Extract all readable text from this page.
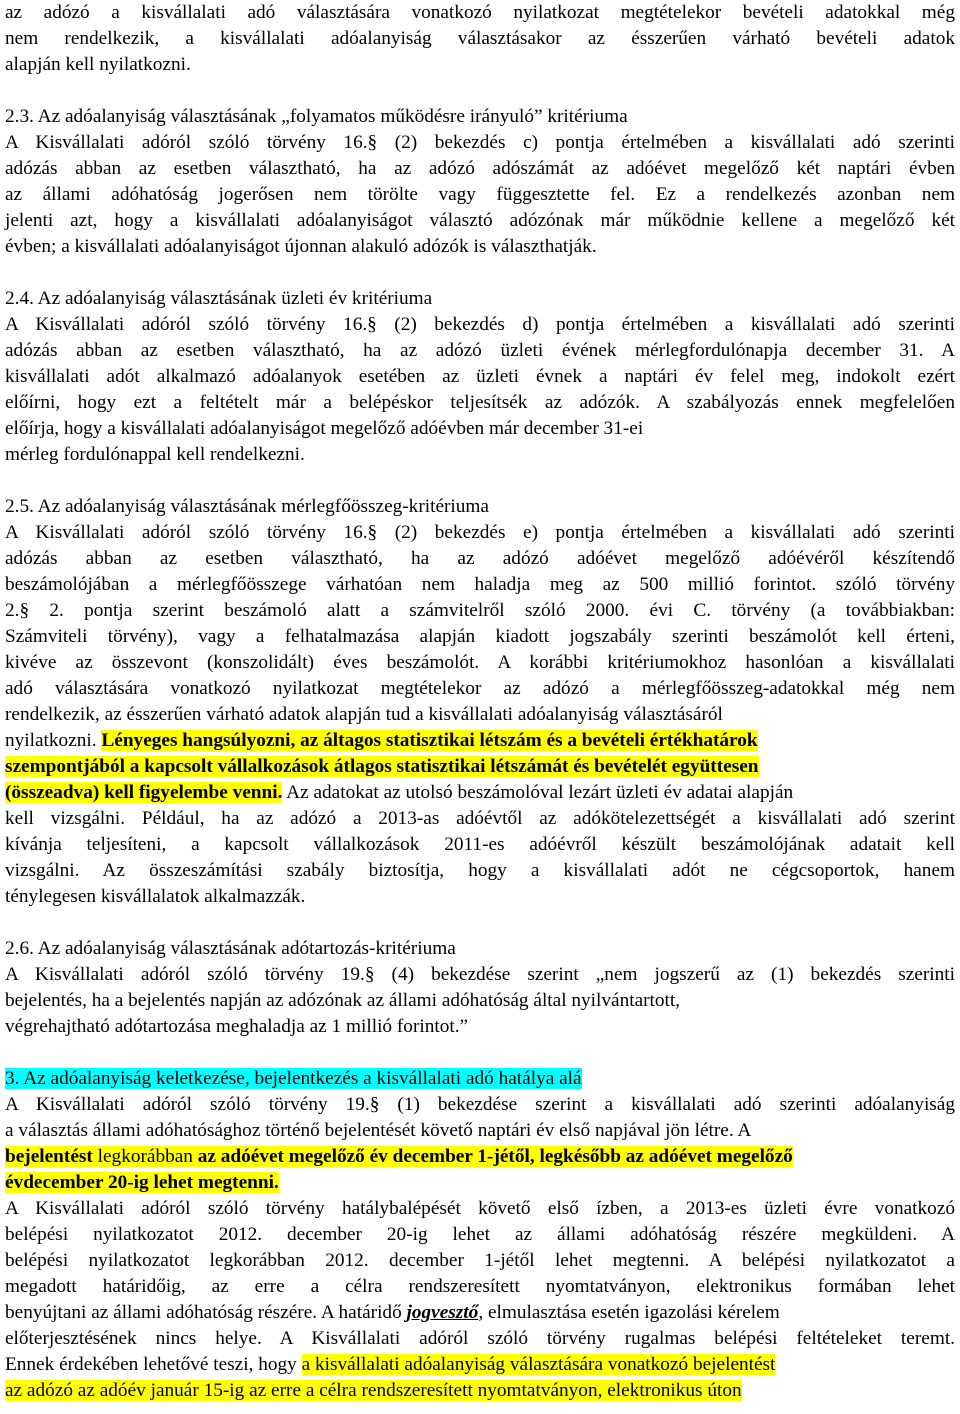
az adózó a kisvállalati adó választására vonatkozó nyilatkozat megtételekor bevételi adatokkal még

nem rendelkezik, a kisvállalati adóalanyiság választásakor az ésszerűen várható bevételi adatok

alapján kell nyilatkozni.

2.3. Az adóalanyiság választásának „folyamatos működésre irányuló” kritériuma

A Kisvállalati adóról szóló törvény 16.§ (2) bekezdés c) pontja értelmében a kisvállalati adó szerinti

adózás abban az esetben választható, ha az adózó adószámát az adóévet megelőző két naptári évben

az állami adóhatóság jogerősen nem törölte vagy függesztette fel. Ez a rendelkezés azonban nem

jelenti azt, hogy a kisvállalati adóalanyiságot választó adózónak már működnie kellene a megelőző két

évben; a kisvállalati adóalanyiságot újonnan alakuló adózók is választhatják.

2.4. Az adóalanyiság választásának üzleti év kritériuma

A Kisvállalati adóról szóló törvény 16.§ (2) bekezdés d) pontja értelmében a kisvállalati adó szerinti

adózás abban az esetben választható, ha az adózó üzleti évének mérlegfordulónapja december 31. A

kisvállalati adót alkalmazó adóalanyok esetében az üzleti évnek a naptári év felel meg, indokolt ezért

előírni, hogy ezt a feltételt már a belépéskor teljesítsék az adózók. A szabályozás ennek megfelelően

előírja, hogy a kisvállalati adóalanyiságot megelőző adóévben már december 31-ei

mérleg fordulónappal kell rendelkezni.

2.5. Az adóalanyiság választásának mérlegfőösszeg-kritériuma

A Kisvállalati adóról szóló törvény 16.§ (2) bekezdés e) pontja értelmében a kisvállalati adó szerinti

adózás abban az esetben választható, ha az adózó adóévet megelőző adóévéről készítendő

beszámolójában a mérlegfőösszege várhatóan nem haladja meg az 500 millió forintot. szóló törvény

2.§ 2. pontja szerint beszámoló alatt a számvitelről szóló 2000. évi C. törvény (a továbbiakban:

Számviteli törvény), vagy a felhatalmazása alapján kiadott jogszabály szerinti beszámolót kell érteni,

kivéve az összevont (konszolidált) éves beszámolót. A korábbi kritériumokhoz hasonlóan a kisvállalati

adó választására vonatkozó nyilatkozat megtételekor az adózó a mérlegfőösszeg-adatokkal még nem

rendelkezik, az ésszerűen várható adatok alapján tud a kisvállalati adóalanyiság választásáról

nyilatkozni. Lényeges hangsúlyozni, az áltagos statisztikai létszám és a bevételi értékhatárok

szempontjából a kapcsolt vállalkozások átlagos statisztikai létszámát és bevételét együttesen

(összeadva) kell figyelembe venni. Az adatokat az utolsó beszámolóval lezárt üzleti év adatai alapján

kell vizsgálni. Például, ha az adózó a 2013-as adóévtől az adókötelezettségét a kisvállalati adó szerint

kívánja teljesíteni, a kapcsolt vállalkozások 2011-es adóévről készült beszámolójának adatait kell

vizsgálni. Az összeszámítási szabály biztosítja, hogy a kisvállalati adót ne cégcsoportok, hanem

ténylegesen kisvállalatok alkalmazzák.

2.6. Az adóalanyiság választásának adótartozás-kritériuma

A Kisvállalati adóról szóló törvény 19.§ (4) bekezdése szerint „nem jogszerű az (1) bekezdés szerinti

bejelentés, ha a bejelentés napján az adózónak az állami adóhatóság által nyilvántartott,

végrehajtható adótartozása meghaladja az 1 millió forintot.”

3. Az adóalanyiság keletkezése, bejelentkezés a kisvállalati adó hatálya alá

A Kisvállalati adóról szóló törvény 19.§ (1) bekezdése szerint a kisvállalati adó szerinti adóalanyiság

a választás állami adóhatósághoz történő bejelentését követő naptári év első napjával jön létre. A

bejelentést legkorábban az adóévet megelőző év december 1-jétől, legkésőbb az adóévet megelőző

évdecember 20-ig lehet megtenni.

A Kisvállalati adóról szóló törvény hatálybalépését követő első ízben, a 2013-es üzleti évre vonatkozó

belépési nyilatkozatot 2012. december 20-ig lehet az állami adóhatóság részére megküldeni. A

belépési nyilatkozatot legkorábban 2012. december 1-jétől lehet megtenni. A belépési nyilatkozatot a

megadott határidőig, az erre a célra rendszeresített nyomtatványon, elektronikus formában lehet

benyújtani az állami adóhatóság részére. A határidő jogvesztő, elmulasztása esetén igazolási kérelem

előterjesztésének nincs helye. A Kisvállalati adóról szóló törvény rugalmas belépési feltételeket teremt.

Ennek érdekében lehetővé teszi, hogy a kisvállalati adóalanyiság választására vonatkozó bejelentést

az adózó az adóév január 15-ig az erre a célra rendszeresített nyomtatványon, elektronikus úton
